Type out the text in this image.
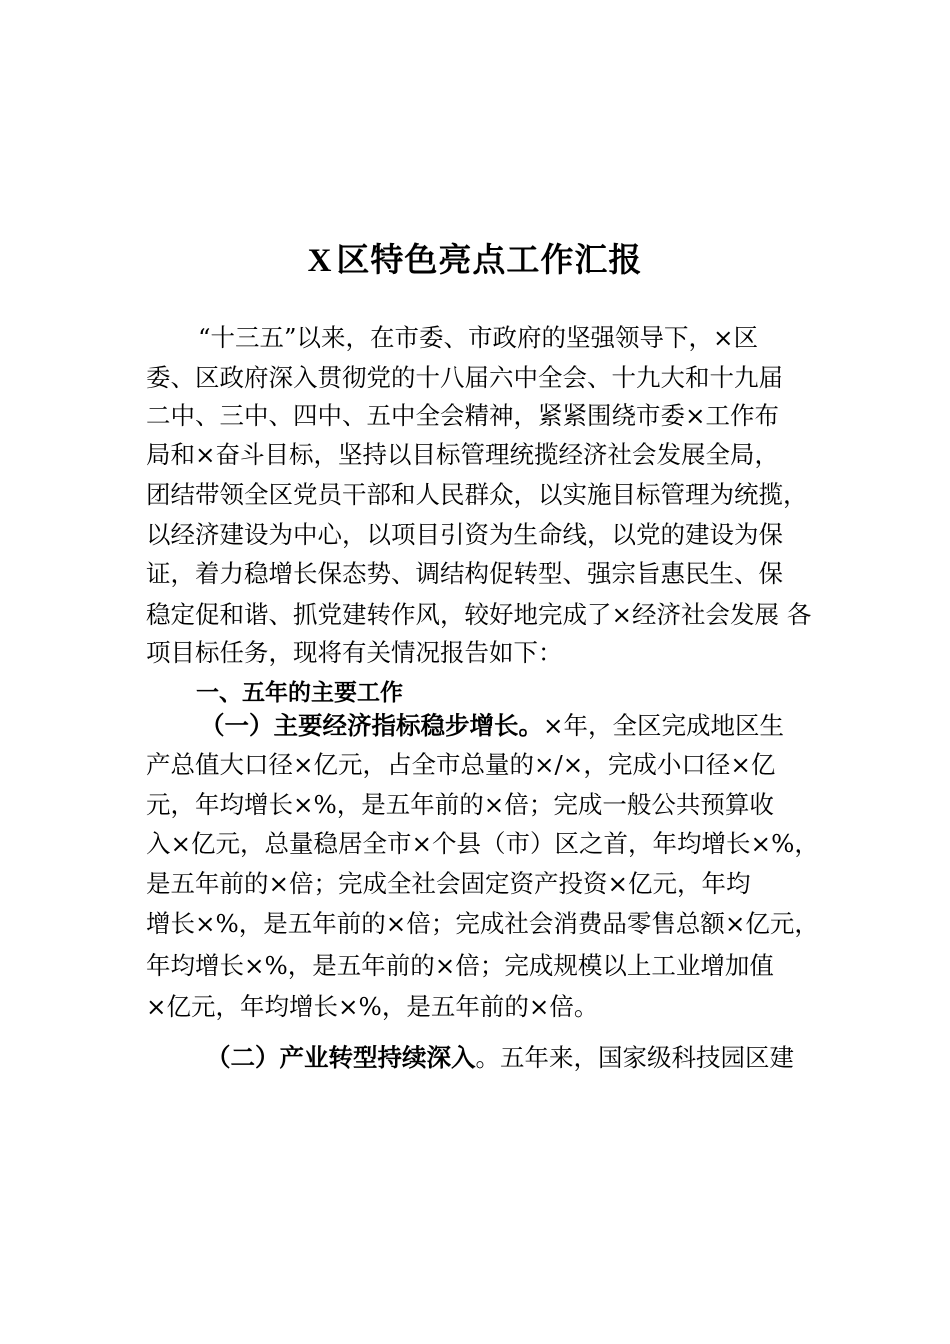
X 区特色亮点工作汇报
“十三五”以来，在市委、市政府的坚强领导下，×区
委、区政府深入贯彻党的十八届六中全会、十九大和十九届
二中、三中、四中、五中全会精神，紧紧围绕市委×工作布
局和×奋斗目标，坚持以目标管理统揽经济社会发展全局，
团结带领全区党员干部和人民群众，以实施目标管理为统揽，
以经济建设为中心，以项目引资为生命线，以党的建设为保
证，着力稳增长保态势、调结构促转型、强宗旨惠民生、保
稳定促和谐、抓党建转作风，较好地完成了×经济社会发展 各
项目标任务，现将有关情况报告如下：
一、五年的主要工作
（一）主要经济指标稳步增长。×年，全区完成地区生
产总值大口径×亿元，占全市总量的×/×，完成小口径×亿
元，年均增长×%，是五年前的×倍；完成一般公共预算收
入×亿元，总量稳居全市×个县（市）区之首，年均增长×%，
是五年前的×倍；完成全社会固定资产投资×亿元，年均
增长×%，是五年前的×倍；完成社会消费品零售总额×亿元，
年均增长×%，是五年前的×倍；完成规模以上工业增加值
×亿元，年均增长×%，是五年前的×倍。
（二）产业转型持续深入。五年来，国家级科技园区建
